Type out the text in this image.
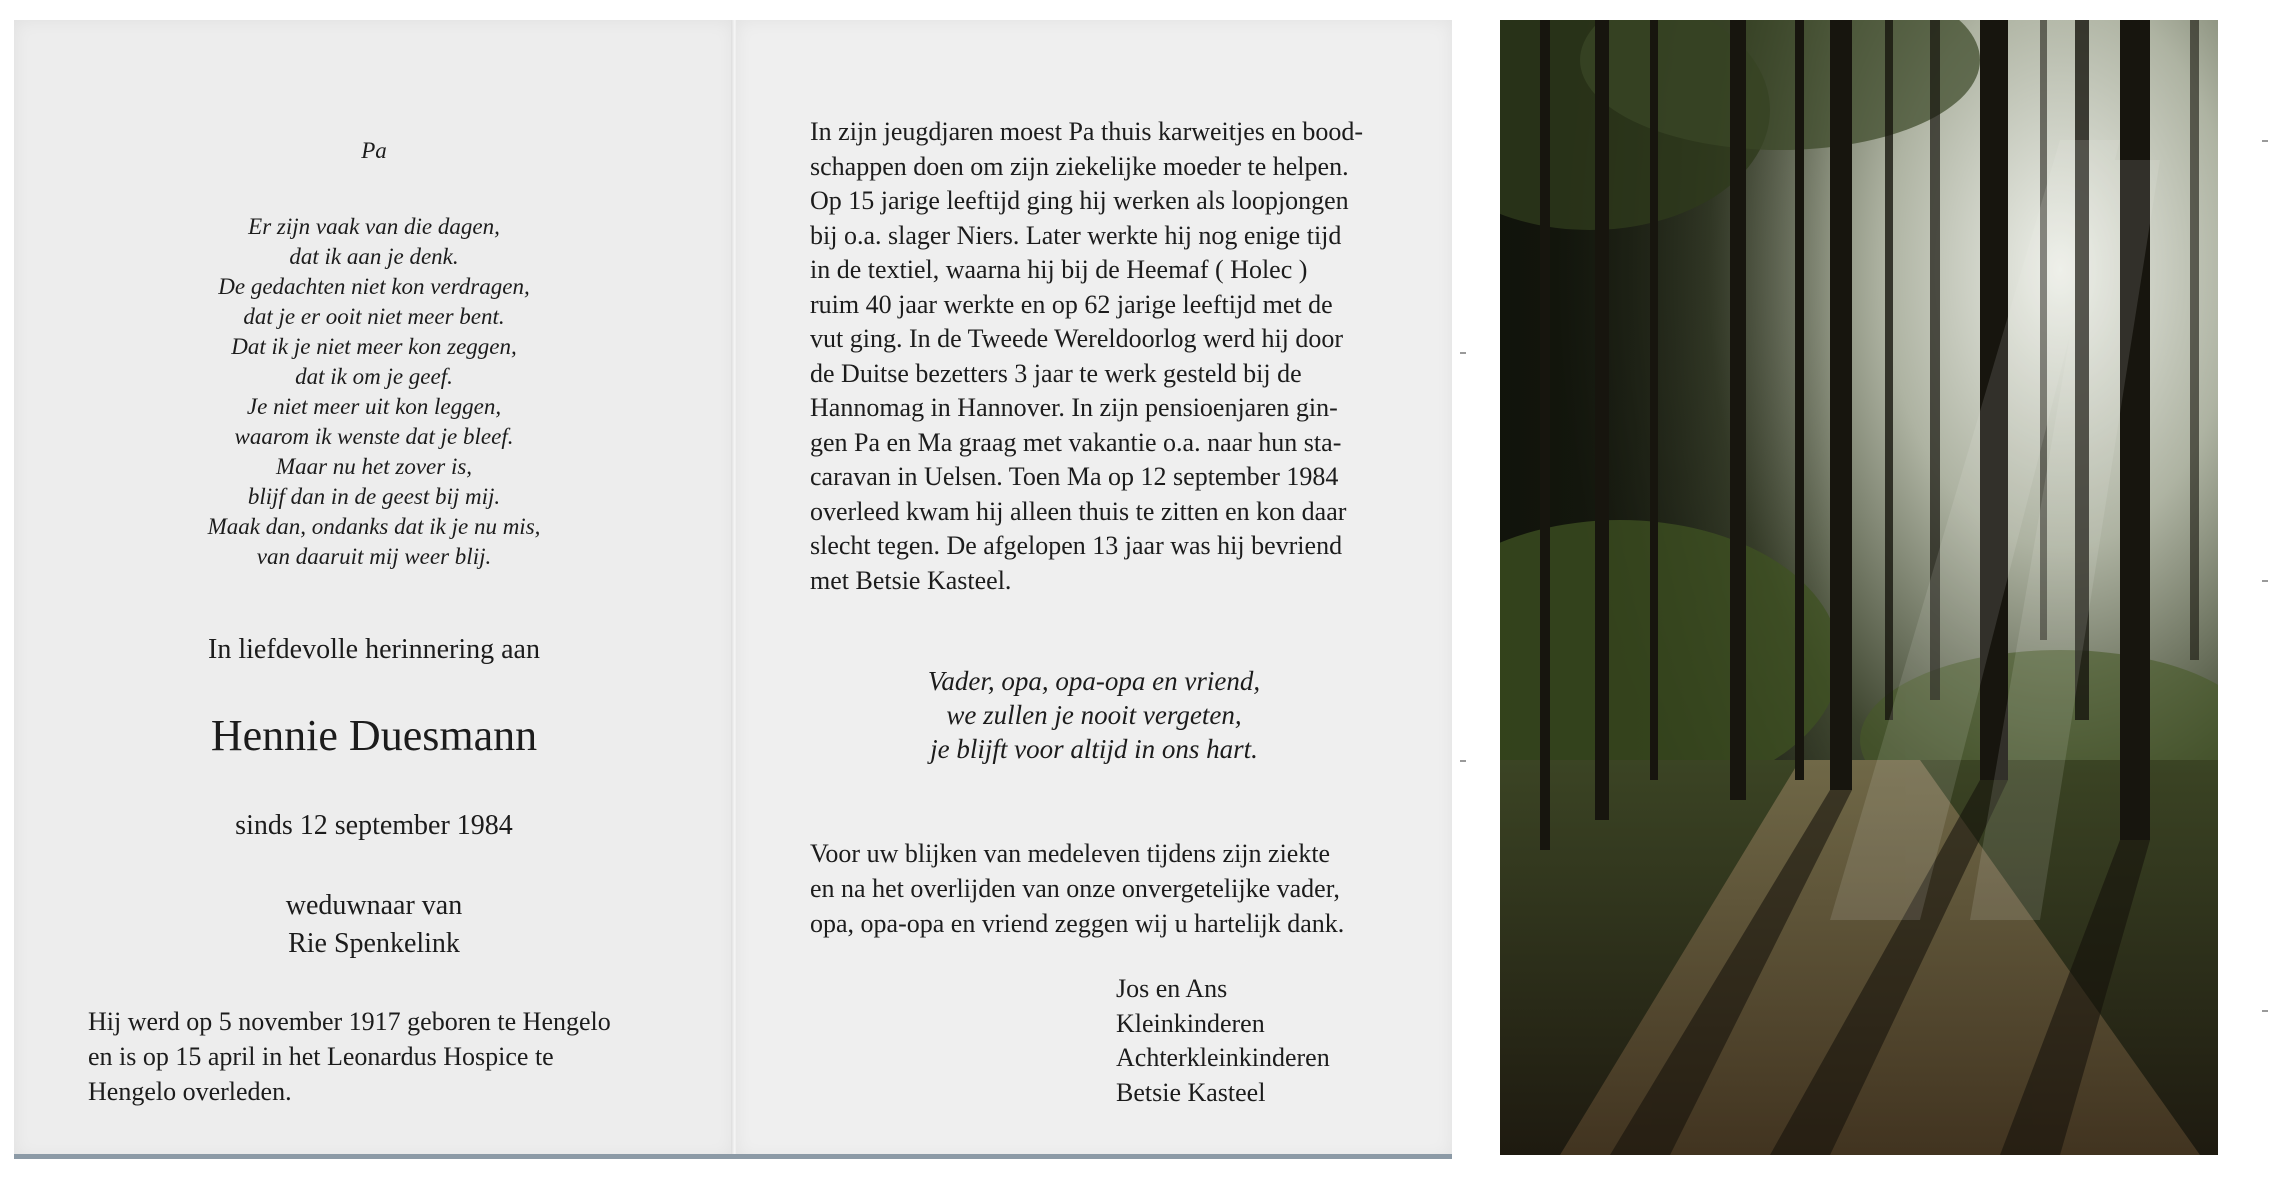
Pa
Er zijn vaak van die dagen,
dat ik aan je denk.
De gedachten niet kon verdragen,
dat je er ooit niet meer bent.
Dat ik je niet meer kon zeggen,
dat ik om je geef.
Je niet meer uit kon leggen,
waarom ik wenste dat je bleef.
Maar nu het zover is,
blijf dan in de geest bij mij.
Maak dan, ondanks dat ik je nu mis,
van daaruit mij weer blij.
In liefdevolle herinnering aan
Hennie Duesmann
sinds 12 september 1984
weduwnaar van
Rie Spenkelink
Hij werd op 5 november 1917 geboren te Hengelo
en is op 15 april in het Leonardus Hospice te
Hengelo overleden.
In zijn jeugdjaren moest Pa thuis karweitjes en bood-
schappen doen om zijn ziekelijke moeder te helpen.
Op 15 jarige leeftijd ging hij werken als loopjongen
bij o.a. slager Niers. Later werkte hij nog enige tijd
in de textiel, waarna hij bij de Heemaf ( Holec )
ruim 40 jaar werkte en op 62 jarige leeftijd met de
vut ging. In de Tweede Wereldoorlog werd hij door
de Duitse bezetters 3 jaar te werk gesteld bij de
Hannomag in Hannover. In zijn pensioenjaren gin-
gen Pa en Ma graag met vakantie o.a. naar hun sta-
caravan in Uelsen. Toen Ma op 12 september 1984
overleed kwam hij alleen thuis te zitten en kon daar
slecht tegen. De afgelopen 13 jaar was hij bevriend
met Betsie Kasteel.
Vader, opa, opa-opa en vriend,
we zullen je nooit vergeten,
je blijft voor altijd in ons hart.
Voor uw blijken van medeleven tijdens zijn ziekte
en na het overlijden van onze onvergetelijke vader,
opa, opa-opa en vriend zeggen wij u hartelijk dank.
Jos en Ans
Kleinkinderen
Achterkleinkinderen
Betsie Kasteel
